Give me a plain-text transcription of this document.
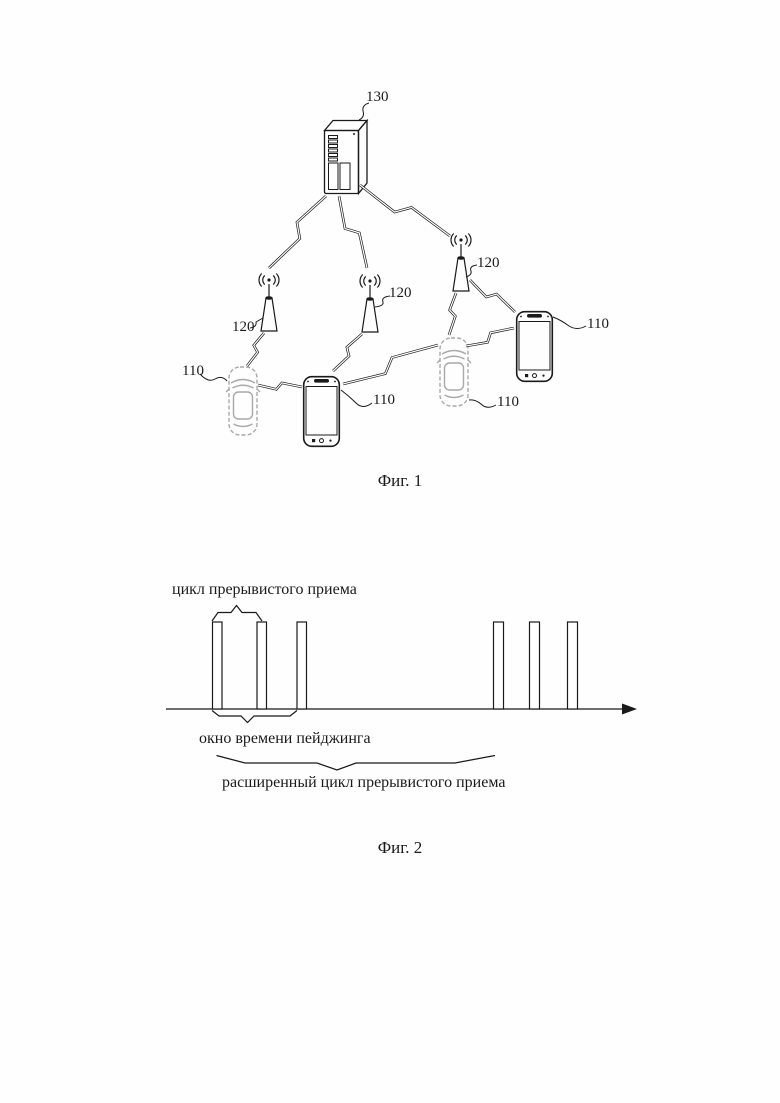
130
120
120
120
110
110	110
110
Фиг. 1
цикл прерывистого приема
окно времени пейджинга
расширенный цикл прерывистого приема
Фиг. 2
